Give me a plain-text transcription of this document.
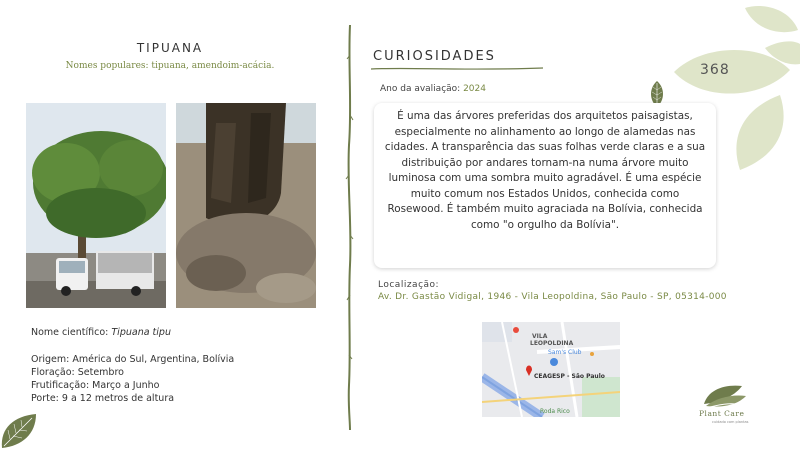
TIPUANA
Nomes populares: tipuana, amendoim-acácia.
Nome científico: Tipuana tipu
Origem: América do Sul, Argentina, Bolívia
Floração: Setembro
Frutificação: Março a Junho
Porte: 9 a 12 metros de altura
CURIOSIDADES
Ano da avaliação: 2024
368

É uma das árvores preferidas dos arquitetos paisagistas, especialmente no alinhamento ao longo de alamedas nas cidades. A transparência das suas folhas verde claras e a sua distribuição por andares tornam-na numa árvore muito luminosa com uma sombra muito agradável. É uma espécie muito comum nos Estados Unidos, conhecida como Rosewood. É também muito agraciada na Bolívia, conhecida como "o orgulho da Bolívia".

Localização:
Av. Dr. Gastão Vidigal, 1946 - Vila Leopoldina, São Paulo - SP, 05314-000
VILA
LEOPOLDINA
Sam's Club
CEAGESP - São Paulo
Roda Rico	Plant Care
cuidado com plantas
